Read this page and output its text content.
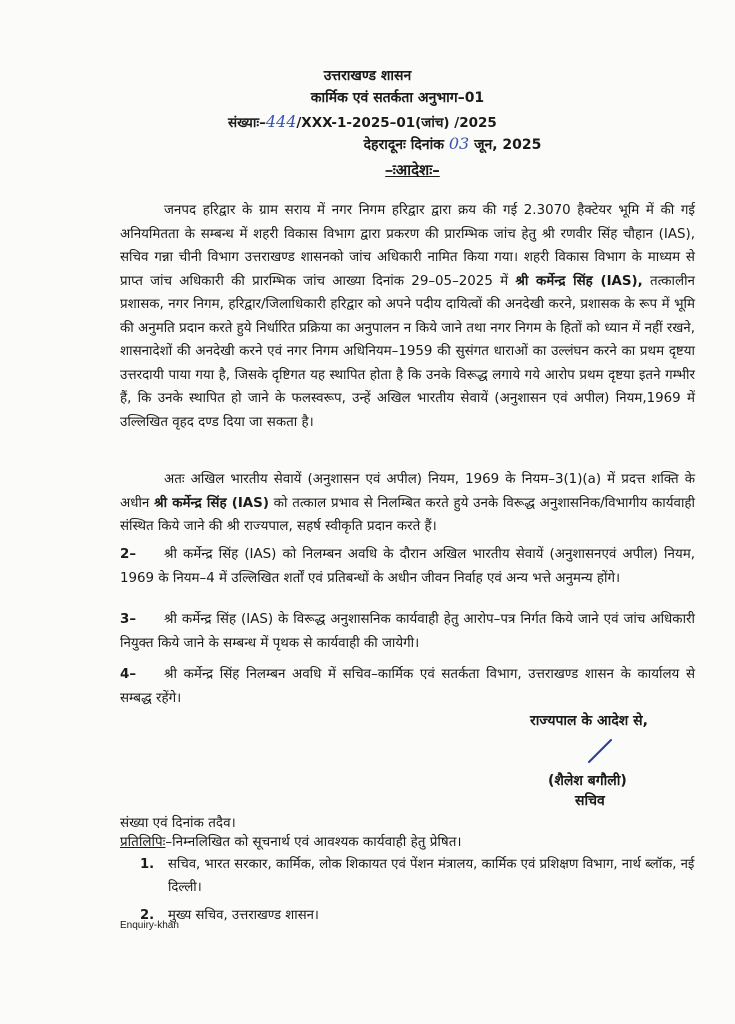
उत्तराखण्ड शासन
कार्मिक एवं सतर्कता अनुभाग–01
संख्याः–444/XXX-1-2025–01(जांच) /2025
देहरादूनः दिनांक 03 जून, 2025
–ःआदेशः–
जनपद हरिद्वार के ग्राम सराय में नगर निगम हरिद्वार द्वारा क्रय की गई 2.3070 हैक्टेयर भूमि में की गई अनियमितता के सम्बन्ध में शहरी विकास विभाग द्वारा प्रकरण की प्रारम्भिक जांच हेतु श्री रणवीर सिंह चौहान (IAS), सचिव गन्ना चीनी विभाग उत्तराखण्ड शासनको जांच अधिकारी नामित किया गया। शहरी विकास विभाग के माध्यम से प्राप्त जांच अधिकारी की प्रारम्भिक जांच आख्या दिनांक 29–05–2025 में श्री कर्मेन्द्र सिंह (IAS), तत्कालीन प्रशासक, नगर निगम, हरिद्वार/जिलाधिकारी हरिद्वार को अपने पदीय दायित्वों की अनदेखी करने, प्रशासक के रूप में भूमि की अनुमति प्रदान करते हुये निर्धारित प्रक्रिया का अनुपालन न किये जाने तथा नगर निगम के हितों को ध्यान में नहीं रखने, शासनादेशों की अनदेखी करने एवं नगर निगम अधिनियम–1959 की सुसंगत धाराओं का उल्लंघन करने का प्रथम दृष्टया उत्तरदायी पाया गया है, जिसके दृष्टिगत यह स्थापित होता है कि उनके विरूद्ध लगाये गये आरोप प्रथम दृष्टया इतने गम्भीर हैं, कि उनके स्थापित हो जाने के फलस्वरूप, उन्हें अखिल भारतीय सेवायें (अनुशासन एवं अपील) नियम,1969 में उल्लिखित वृहद दण्ड दिया जा सकता है।
अतः अखिल भारतीय सेवायें (अनुशासन एवं अपील) नियम, 1969 के नियम–3(1)(a) में प्रदत्त शक्ति के अधीन श्री कर्मेन्द्र सिंह (IAS) को तत्काल प्रभाव से निलम्बित करते हुये उनके विरूद्ध अनुशासनिक/विभागीय कार्यवाही संस्थित किये जाने की श्री राज्यपाल, सहर्ष स्वीकृति प्रदान करते हैं।
2– श्री कर्मेन्द्र सिंह (IAS) को निलम्बन अवधि के दौरान अखिल भारतीय सेवायें (अनुशासनएवं अपील) नियम, 1969 के नियम–4 में उल्लिखित शर्तों एवं प्रतिबन्धों के अधीन जीवन निर्वाह एवं अन्य भत्ते अनुमन्य होंगे।
3– श्री कर्मेन्द्र सिंह (IAS) के विरूद्ध अनुशासनिक कार्यवाही हेतु आरोप–पत्र निर्गत किये जाने एवं जांच अधिकारी नियुक्त किये जाने के सम्बन्ध में पृथक से कार्यवाही की जायेगी।
4– श्री कर्मेन्द्र सिंह निलम्बन अवधि में सचिव–कार्मिक एवं सतर्कता विभाग, उत्तराखण्ड शासन के कार्यालय से सम्बद्ध रहेंगे।
राज्यपाल के आदेश से,
(शैलेश बगौली)
सचिव
संख्या एवं दिनांक तदैव।
प्रतिलिपिः–निम्नलिखित को सूचनार्थ एवं आवश्यक कार्यवाही हेतु प्रेषित।
1.	सचिव, भारत सरकार, कार्मिक, लोक शिकायत एवं पेंशन मंत्रालय, कार्मिक एवं प्रशिक्षण विभाग, नार्थ ब्लॉक, नई दिल्ली।
2.	मुख्य सचिव, उत्तराखण्ड शासन।
Enquiry-khan
